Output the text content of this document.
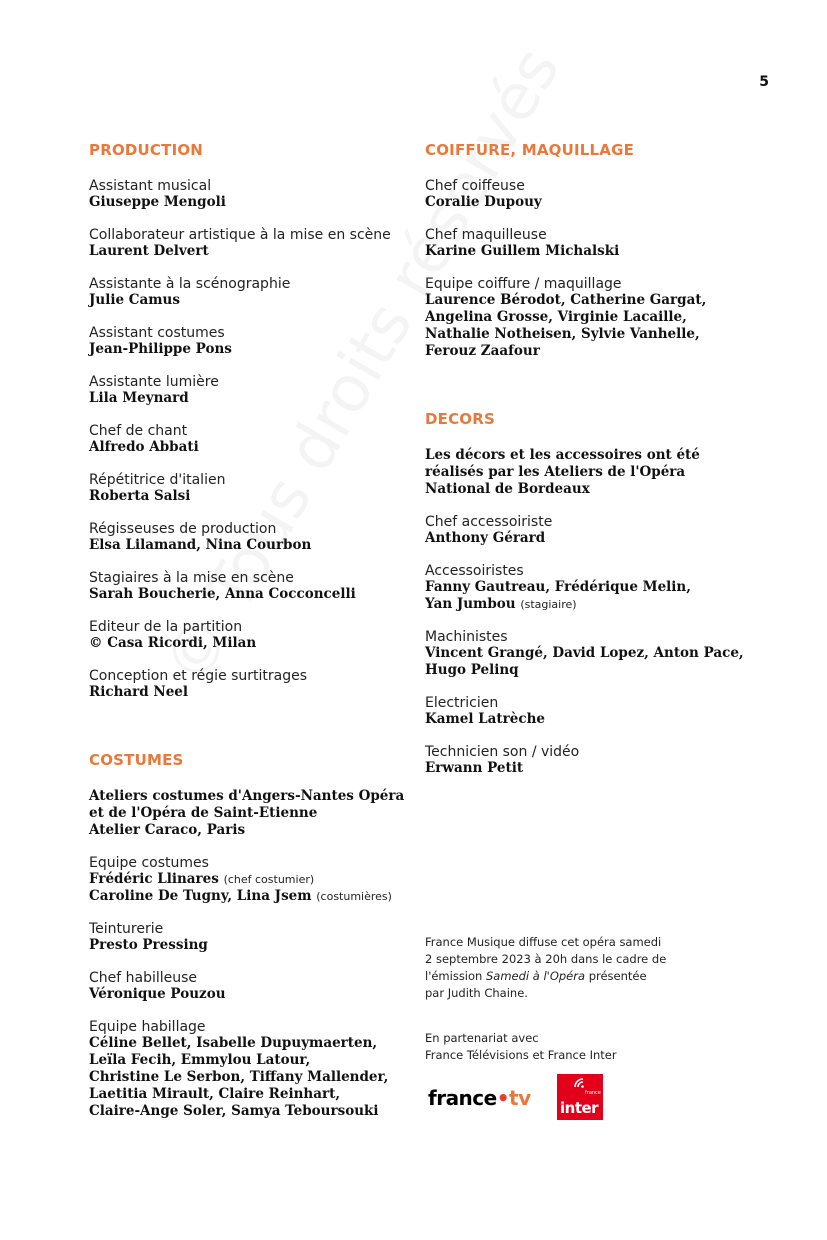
5
PRODUCTION
Assistant musical
Giuseppe Mengoli
Collaborateur artistique à la mise en scène
Laurent Delvert
Assistante à la scénographie
Julie Camus
Assistant costumes
Jean-Philippe Pons
Assistante lumière
Lila Meynard
Chef de chant
Alfredo Abbati
Répétitrice d'italien
Roberta Salsi
Régisseuses de production
Elsa Lilamand, Nina Courbon
Stagiaires à la mise en scène
Sarah Boucherie, Anna Cocconcelli
Editeur de la partition
© Casa Ricordi, Milan
Conception et régie surtitrages
Richard Neel
COSTUMES
Ateliers costumes d'Angers-Nantes Opéra
et de l'Opéra de Saint-Etienne
Atelier Caraco, Paris
Equipe costumes
Frédéric Llinares (chef costumier)
Caroline De Tugny, Lina Jsem (costumières)
Teinturerie
Presto Pressing
Chef habilleuse
Véronique Pouzou
Equipe habillage
Céline Bellet, Isabelle Dupuymaerten,
Leïla Fecih, Emmylou Latour,
Christine Le Serbon, Tiffany Mallender,
Laetitia Mirault, Claire Reinhart,
Claire-Ange Soler, Samya Teboursouki
COIFFURE, MAQUILLAGE
Chef coiffeuse
Coralie Dupouy
Chef maquilleuse
Karine Guillem Michalski
Equipe coiffure / maquillage
Laurence Bérodot, Catherine Gargat,
Angelina Grosse, Virginie Lacaille,
Nathalie Notheisen, Sylvie Vanhelle,
Ferouz Zaafour
DECORS
Les décors et les accessoires ont été
réalisés par les Ateliers de l'Opéra
National de Bordeaux
Chef accessoiriste
Anthony Gérard
Accessoiristes
Fanny Gautreau, Frédérique Melin,
Yan Jumbou (stagiaire)
Machinistes
Vincent Grangé, David Lopez, Anton Pace,
Hugo Pelinq
Electricien
Kamel Latrèche
Technicien son / vidéo
Erwann Petit
France Musique diffuse cet opéra samedi
2 septembre 2023 à 20h dans le cadre de
l'émission Samedi à l'Opéra présentée
par Judith Chaine.
En partenariat avec
France Télévisions et France Inter
france•tv	france
inter
